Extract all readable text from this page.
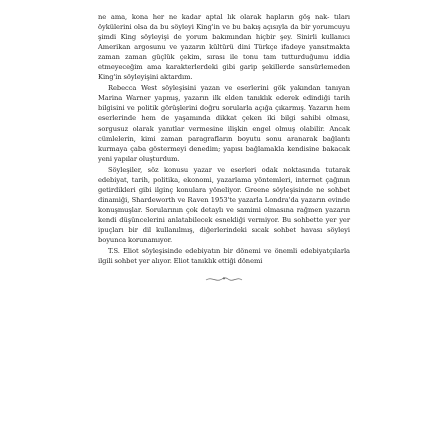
ne ama, kona her ne kadar aptal lık olarak hapların göş nak- tıları öykülerini olsa da bu söyleyi King'in ve bu bakış açısıyla da bir yorumcuyu şimdi King söyleyişi de yorum bakımından hiçbir şey. Sinirli kullanıcı Amerikan argosunu ve yazarın kültürü dini Türkçe ifadeye yansıtmakta zaman zaman güçlük çekim, sırası ile tonu tam tutturduğumu iddia etmeyeceğim ama karakterlerdeki gibi garip şekillerde sansürlemeden King'in söyleyişini aktardım.

Rebecca West söyleşisini yazan ve eserlerini gök yakından tanıyan Marina Warner yapmış, yazarın ilk elden tanıklık ederek edindiği tarih bilgisini ve politik görüşlerini doğru sorularla açığa çıkarmış. Yazarın hem eserlerinde hem de yaşamında dikkat çeken iki bilgi sahibi olması, sorgusuz olarak yanıtlar vermesine ilişkin engel olmuş olabilir. Ancak cümlelerin, kimi zaman paragrafların boyutu sonu aranarak bağlantı kurmaya çaba göstermeyi denedim; yapısı bağlamakla kendisine bakacak yeni yapılar oluşturdum.

Söyleşiler, söz konusu yazar ve eserleri odak noktasında tutarak edebiyat, tarih, politika, ekonomi, yazarlama yöntemleri, internet çağının getirdikleri gibi ilginç konulara yöneliyor. Greene söyleşisinde ne sohbet dinamiği, Shardeworth ve Raven 1953'te yazarla Londra'da yazarın evinde konuşmuşlar. Sorularının çok detaylı ve samimi olmasına rağmen yazarın kendi düşüncelerini anlatabilecek esnekliği vermiyor. Bu sohbette yer yer ipuçları bir dil kullanılmış, diğerlerindeki sıcak sohbet havası söyleyi boyunca korunamıyor.

T.S. Eliot söyleşisinde edebiyatın bir dönemi ve önemli edebiyatçılarla ilgili sohbet yer alıyor. Eliot tanıklık ettiği dönemi
